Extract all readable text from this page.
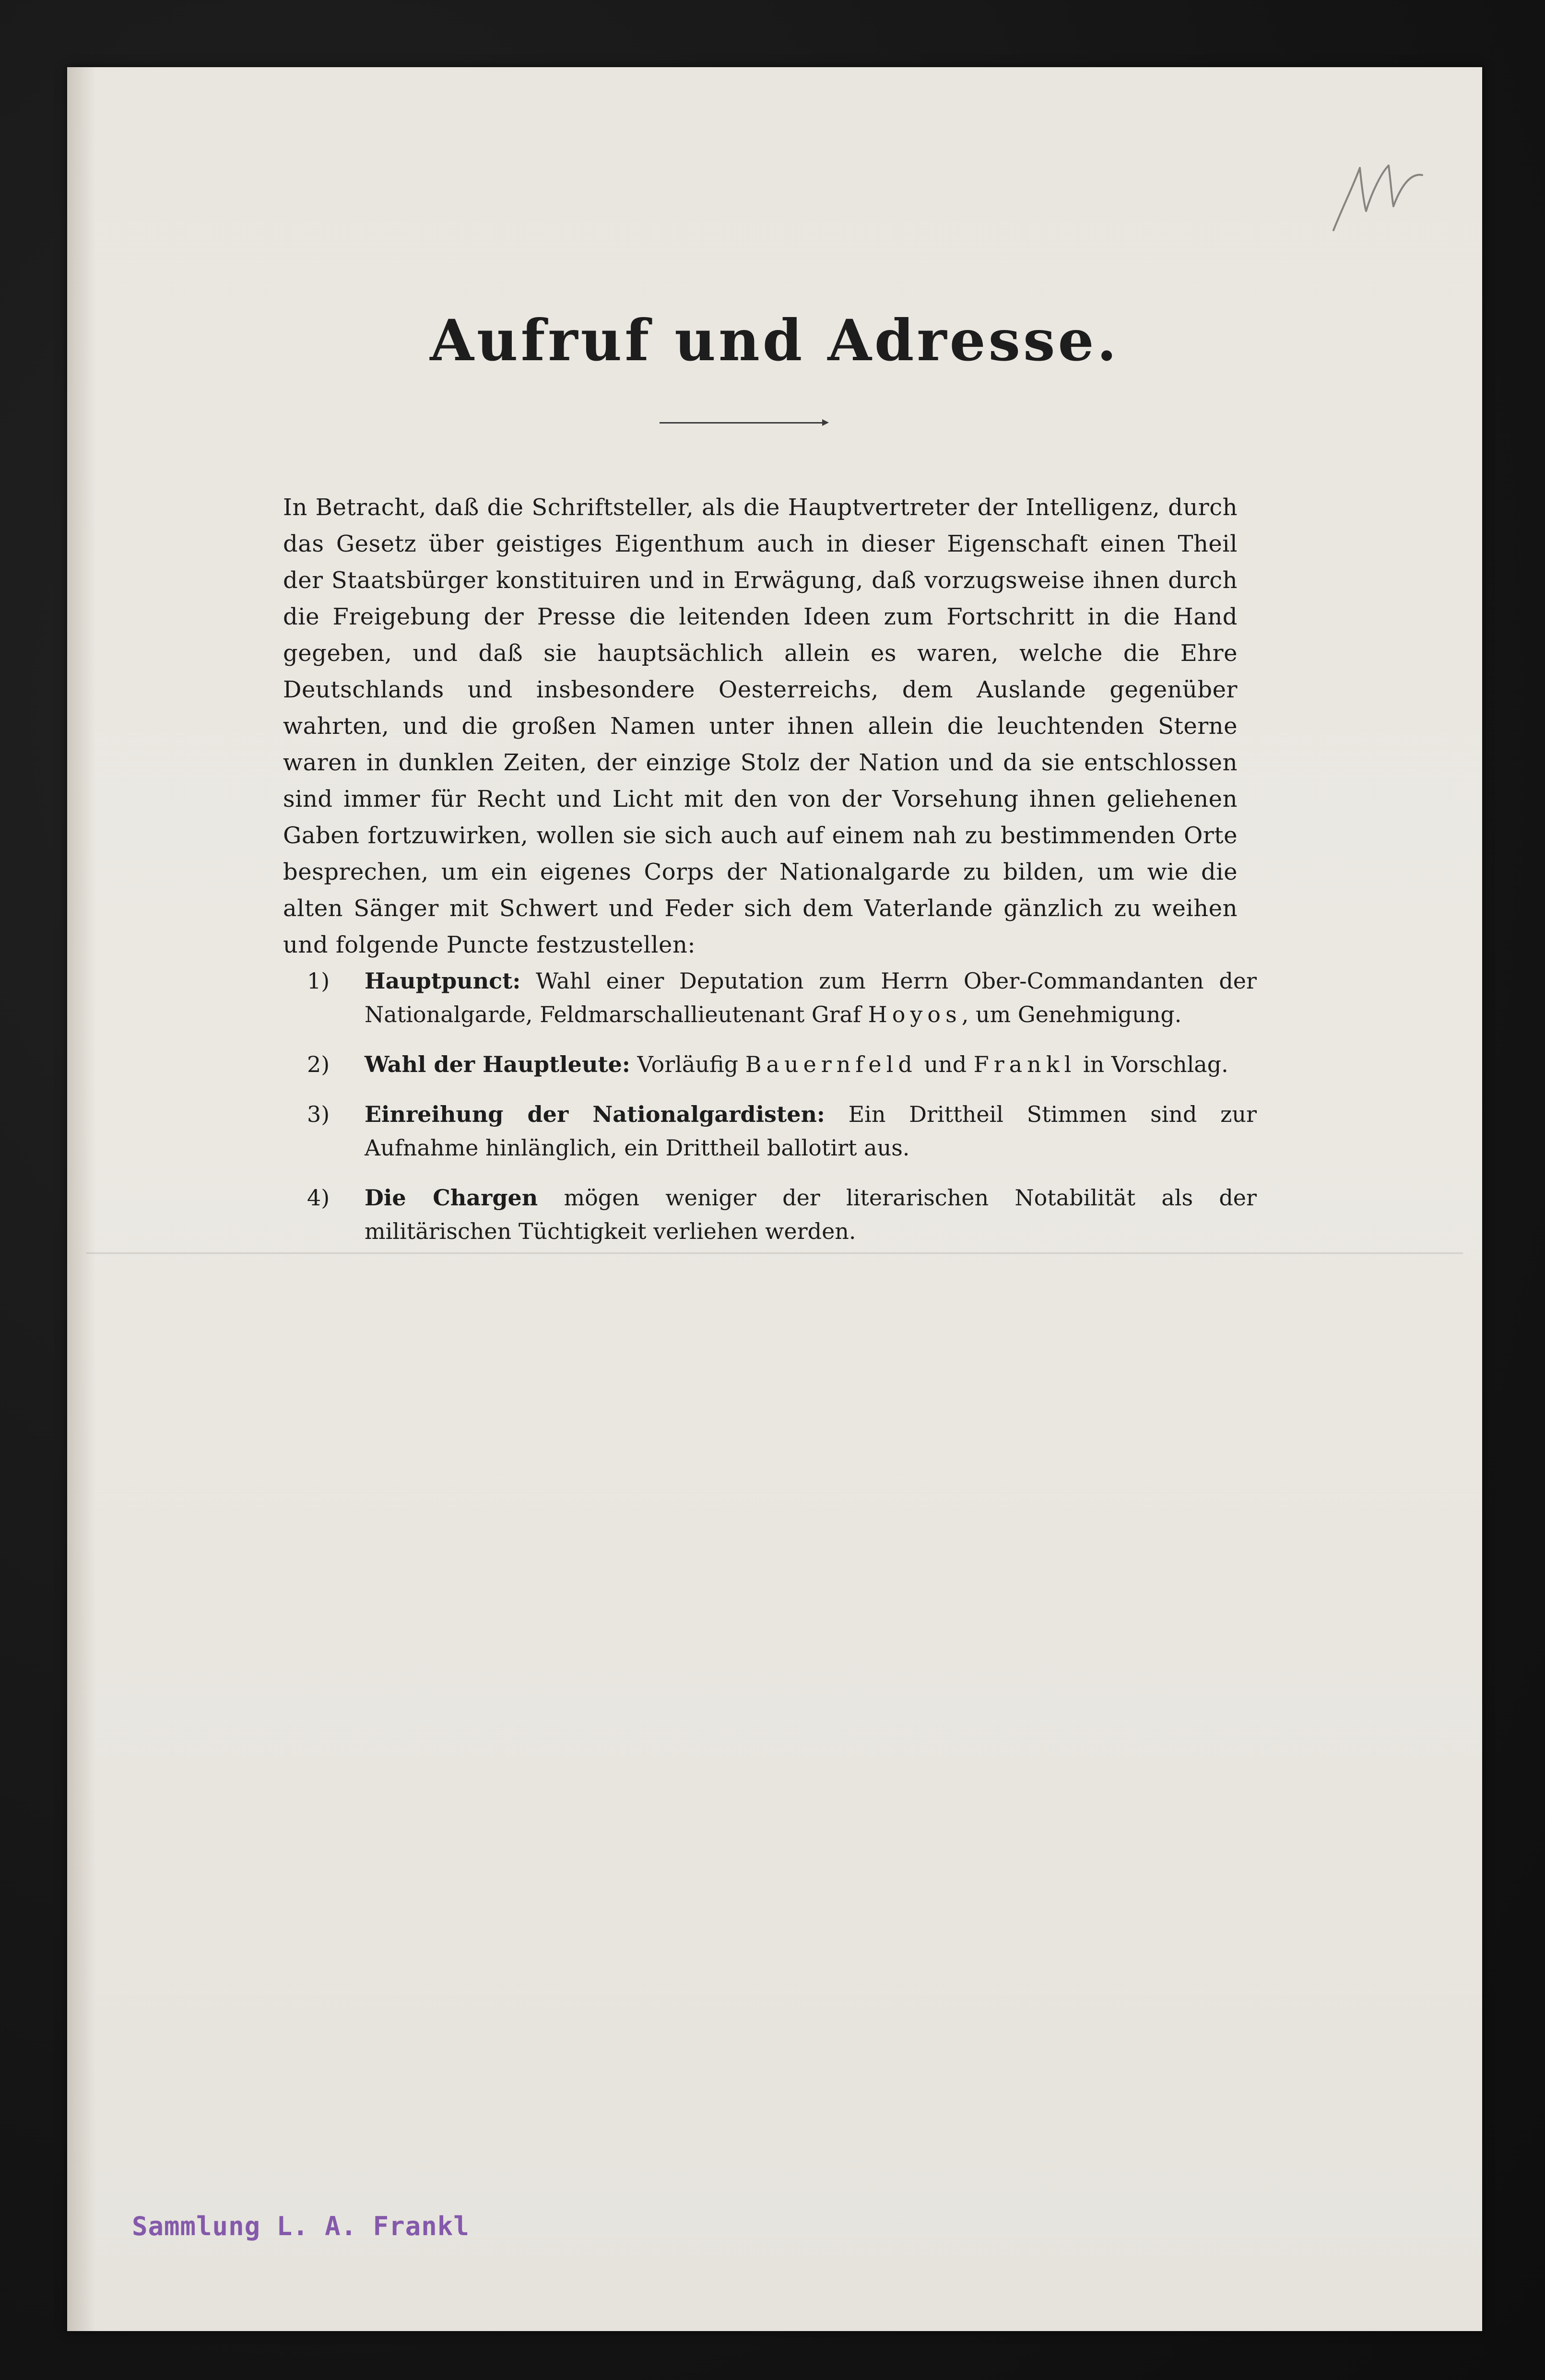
M
Aufruf und Adresse.

In Betracht, daß die Schriftsteller, als die Hauptvertreter der Intelligenz, durch das Gesetz über geistiges Eigenthum auch in dieser Eigenschaft einen Theil der Staatsbürger konstituiren und in Erwägung, daß vorzugsweise ihnen durch die Freigebung der Presse die leitenden Ideen zum Fortschritt in die Hand gegeben, und daß sie hauptsächlich allein es waren, welche die Ehre Deutschlands und insbesondere Oesterreichs, dem Auslande gegenüber wahrten, und die großen Namen unter ihnen allein die leuchtenden Sterne waren in dunklen Zeiten, der einzige Stolz der Nation und da sie entschlossen sind immer für Recht und Licht mit den von der Vorsehung ihnen geliehenen Gaben fortzuwirken, wollen sie sich auch auf einem nah zu bestimmenden Orte besprechen, um ein eigenes Corps der Nationalgarde zu bilden, um wie die alten Sänger mit Schwert und Feder sich dem Vaterlande gänzlich zu weihen und folgende Puncte festzustellen:

1)	Hauptpunct: Wahl einer Deputation zum Herrn Ober-Commandanten der Nationalgarde, Feldmarschallieutenant Graf Hoyos, um Genehmigung.
2)	Wahl der Hauptleute: Vorläufig Bauernfeld und Frankl in Vorschlag.
3)	Einreihung der Nationalgardisten: Ein Drittheil Stimmen sind zur Aufnahme hinlänglich, ein Drittheil ballotirt aus.
4)	Die Chargen mögen weniger der literarischen Notabilität als der militärischen Tüchtigkeit verliehen werden.
Sammlung L. A. Frankl
